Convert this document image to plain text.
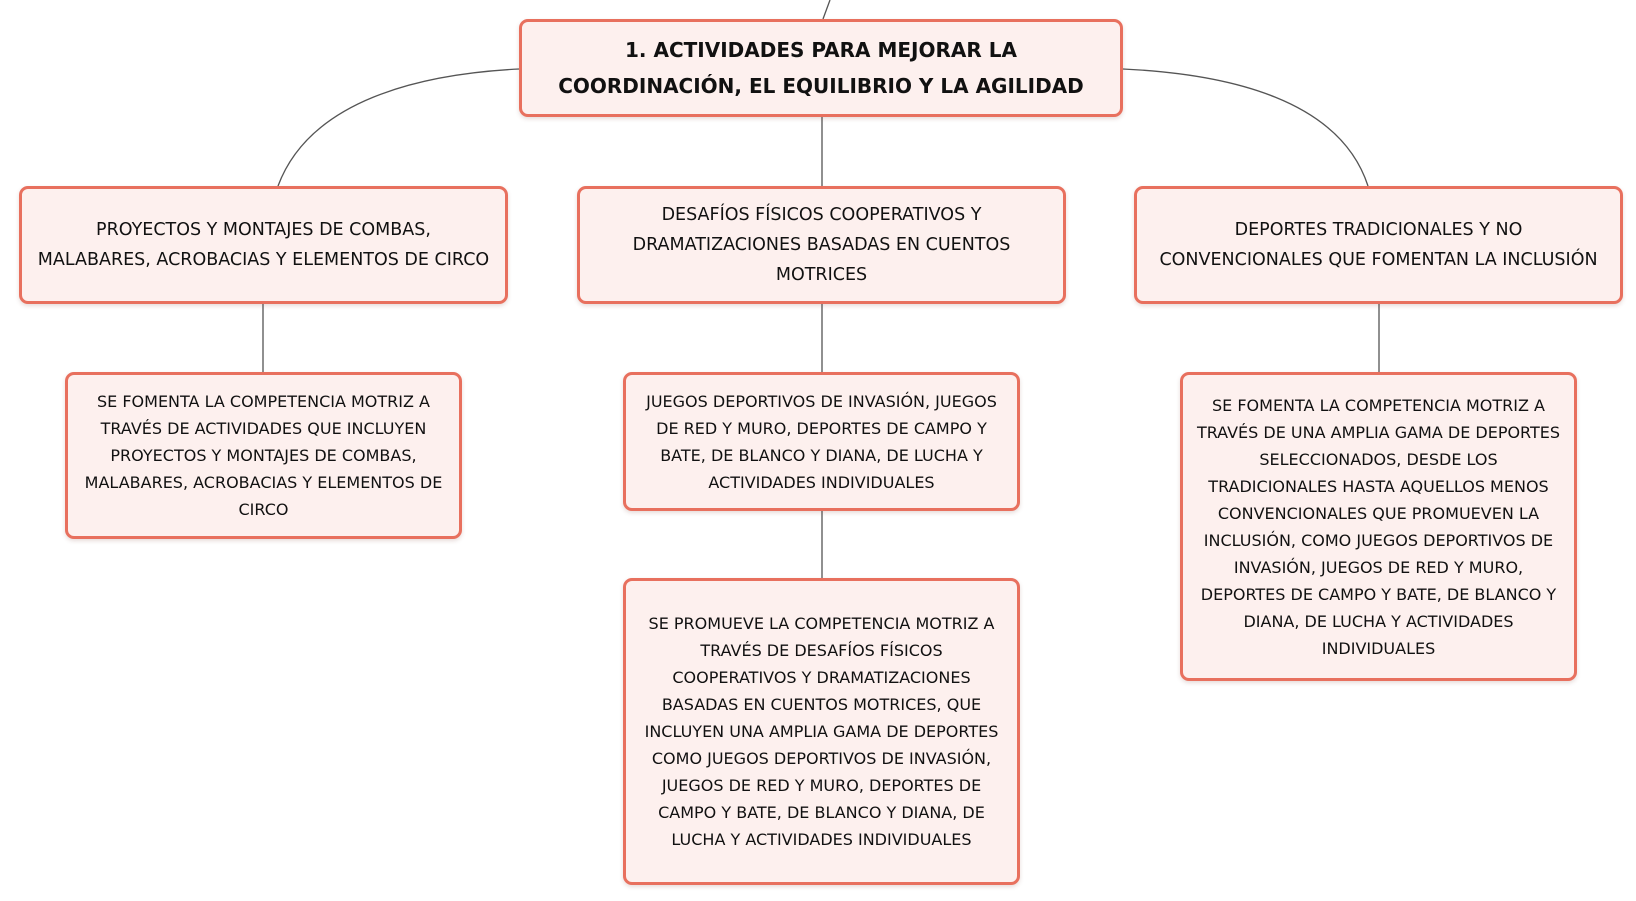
1. ACTIVIDADES PARA MEJORAR LA
COORDINACIÓN, EL EQUILIBRIO Y LA AGILIDAD
PROYECTOS Y MONTAJES DE COMBAS,
MALABARES, ACROBACIAS Y ELEMENTOS DE CIRCO
DESAFÍOS FÍSICOS COOPERATIVOS Y
DRAMATIZACIONES BASADAS EN CUENTOS
MOTRICES
DEPORTES TRADICIONALES Y NO
CONVENCIONALES QUE FOMENTAN LA INCLUSIÓN
SE FOMENTA LA COMPETENCIA MOTRIZ A
TRAVÉS DE ACTIVIDADES QUE INCLUYEN
PROYECTOS Y MONTAJES DE COMBAS,
MALABARES, ACROBACIAS Y ELEMENTOS DE
CIRCO
JUEGOS DEPORTIVOS DE INVASIÓN, JUEGOS
DE RED Y MURO, DEPORTES DE CAMPO Y
BATE, DE BLANCO Y DIANA, DE LUCHA Y
ACTIVIDADES INDIVIDUALES
SE PROMUEVE LA COMPETENCIA MOTRIZ A
TRAVÉS DE DESAFÍOS FÍSICOS
COOPERATIVOS Y DRAMATIZACIONES
BASADAS EN CUENTOS MOTRICES, QUE
INCLUYEN UNA AMPLIA GAMA DE DEPORTES
COMO JUEGOS DEPORTIVOS DE INVASIÓN,
JUEGOS DE RED Y MURO, DEPORTES DE
CAMPO Y BATE, DE BLANCO Y DIANA, DE
LUCHA Y ACTIVIDADES INDIVIDUALES
SE FOMENTA LA COMPETENCIA MOTRIZ A
TRAVÉS DE UNA AMPLIA GAMA DE DEPORTES
SELECCIONADOS, DESDE LOS
TRADICIONALES HASTA AQUELLOS MENOS
CONVENCIONALES QUE PROMUEVEN LA
INCLUSIÓN, COMO JUEGOS DEPORTIVOS DE
INVASIÓN, JUEGOS DE RED Y MURO,
DEPORTES DE CAMPO Y BATE, DE BLANCO Y
DIANA, DE LUCHA Y ACTIVIDADES
INDIVIDUALES
